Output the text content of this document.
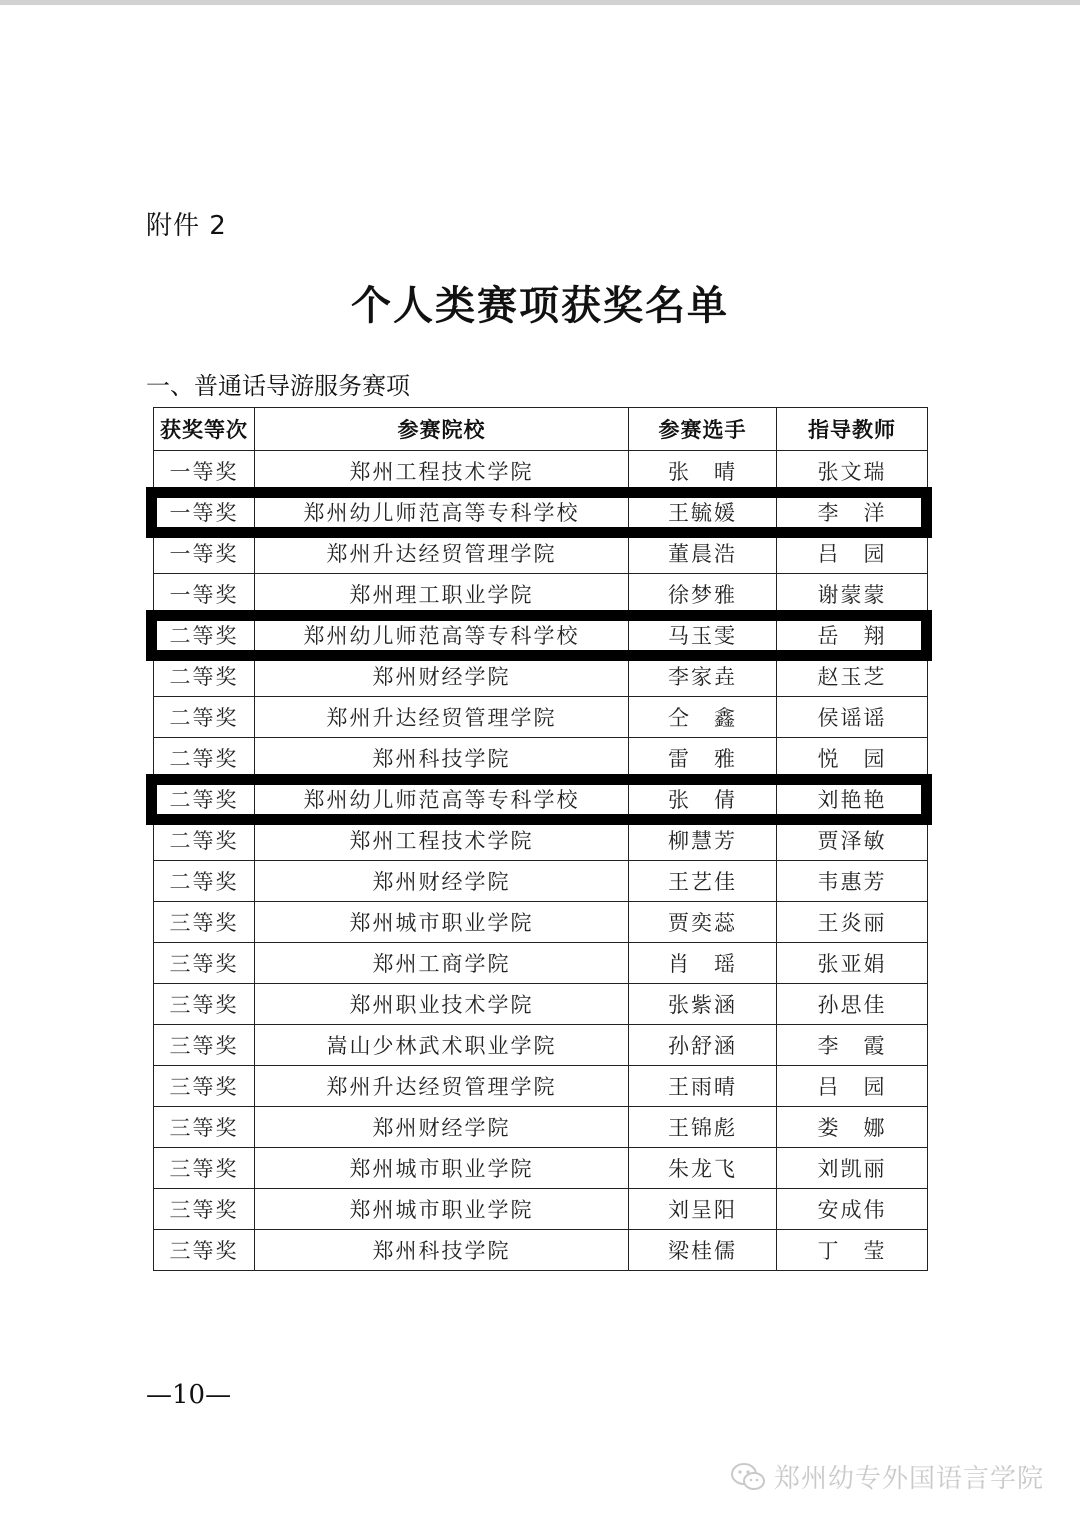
附件 2
个人类赛项获奖名单
一、普通话导游服务赛项
获奖等次	参赛院校	参赛选手	指导教师
一等奖	郑州工程技术学院	张　晴	张文瑞
一等奖	郑州幼儿师范高等专科学校	王毓媛	李　洋
一等奖	郑州升达经贸管理学院	董晨浩	吕　园
一等奖	郑州理工职业学院	徐梦雅	谢蒙蒙
二等奖	郑州幼儿师范高等专科学校	马玉雯	岳　翔
二等奖	郑州财经学院	李家垚	赵玉芝
二等奖	郑州升达经贸管理学院	仝　鑫	侯谣谣
二等奖	郑州科技学院	雷　雅	悦　园
二等奖	郑州幼儿师范高等专科学校	张　倩	刘艳艳
二等奖	郑州工程技术学院	柳慧芳	贾泽敏
二等奖	郑州财经学院	王艺佳	韦惠芳
三等奖	郑州城市职业学院	贾奕蕊	王炎丽
三等奖	郑州工商学院	肖　瑶	张亚娟
三等奖	郑州职业技术学院	张紫涵	孙思佳
三等奖	嵩山少林武术职业学院	孙舒涵	李　霞
三等奖	郑州升达经贸管理学院	王雨晴	吕　园
三等奖	郑州财经学院	王锦彪	娄　娜
三等奖	郑州城市职业学院	朱龙飞	刘凯丽
三等奖	郑州城市职业学院	刘呈阳	安成伟
三等奖	郑州科技学院	梁桂儒	丁　莹
—10—
郑州幼专外国语言学院
